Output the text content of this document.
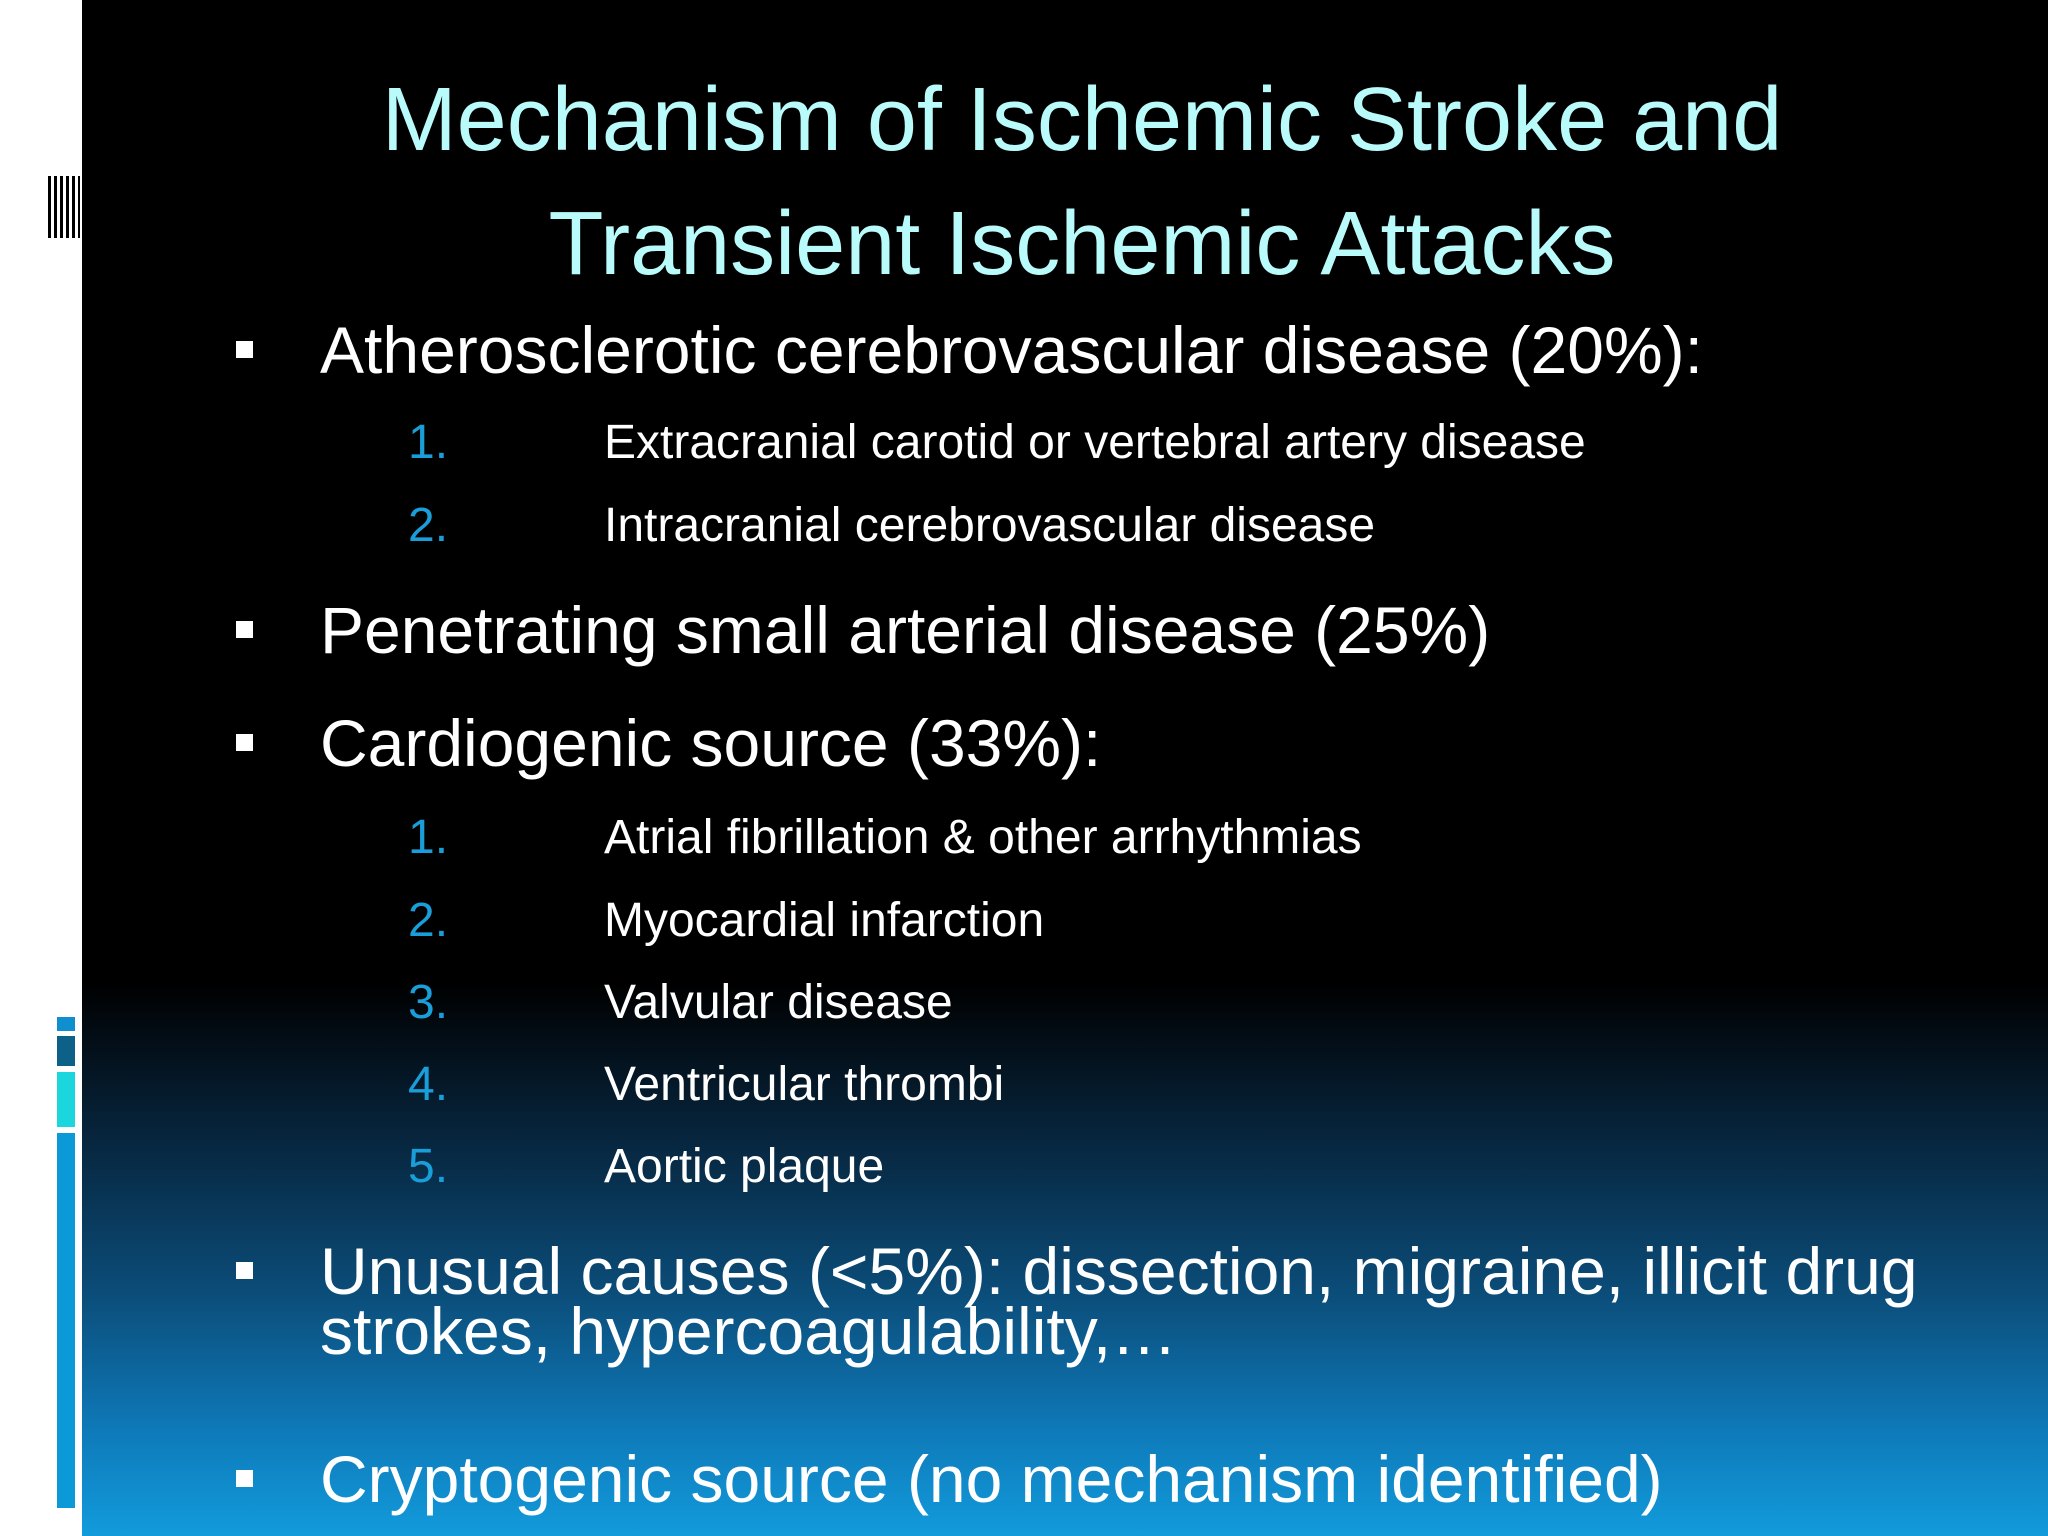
Mechanism of Ischemic Stroke and
Transient Ischemic Attacks
Atherosclerotic cerebrovascular disease (20%):
1.	Extracranial carotid or vertebral artery disease
2.	Intracranial cerebrovascular disease
Penetrating small arterial disease (25%)
Cardiogenic source (33%):
1.	Atrial fibrillation & other arrhythmias
2.	Myocardial infarction
3.	Valvular disease
4.	Ventricular thrombi
5.	Aortic plaque
Unusual causes (<5%): dissection, migraine, illicit drug
strokes, hypercoagulability,…
Cryptogenic source (no mechanism identified)
